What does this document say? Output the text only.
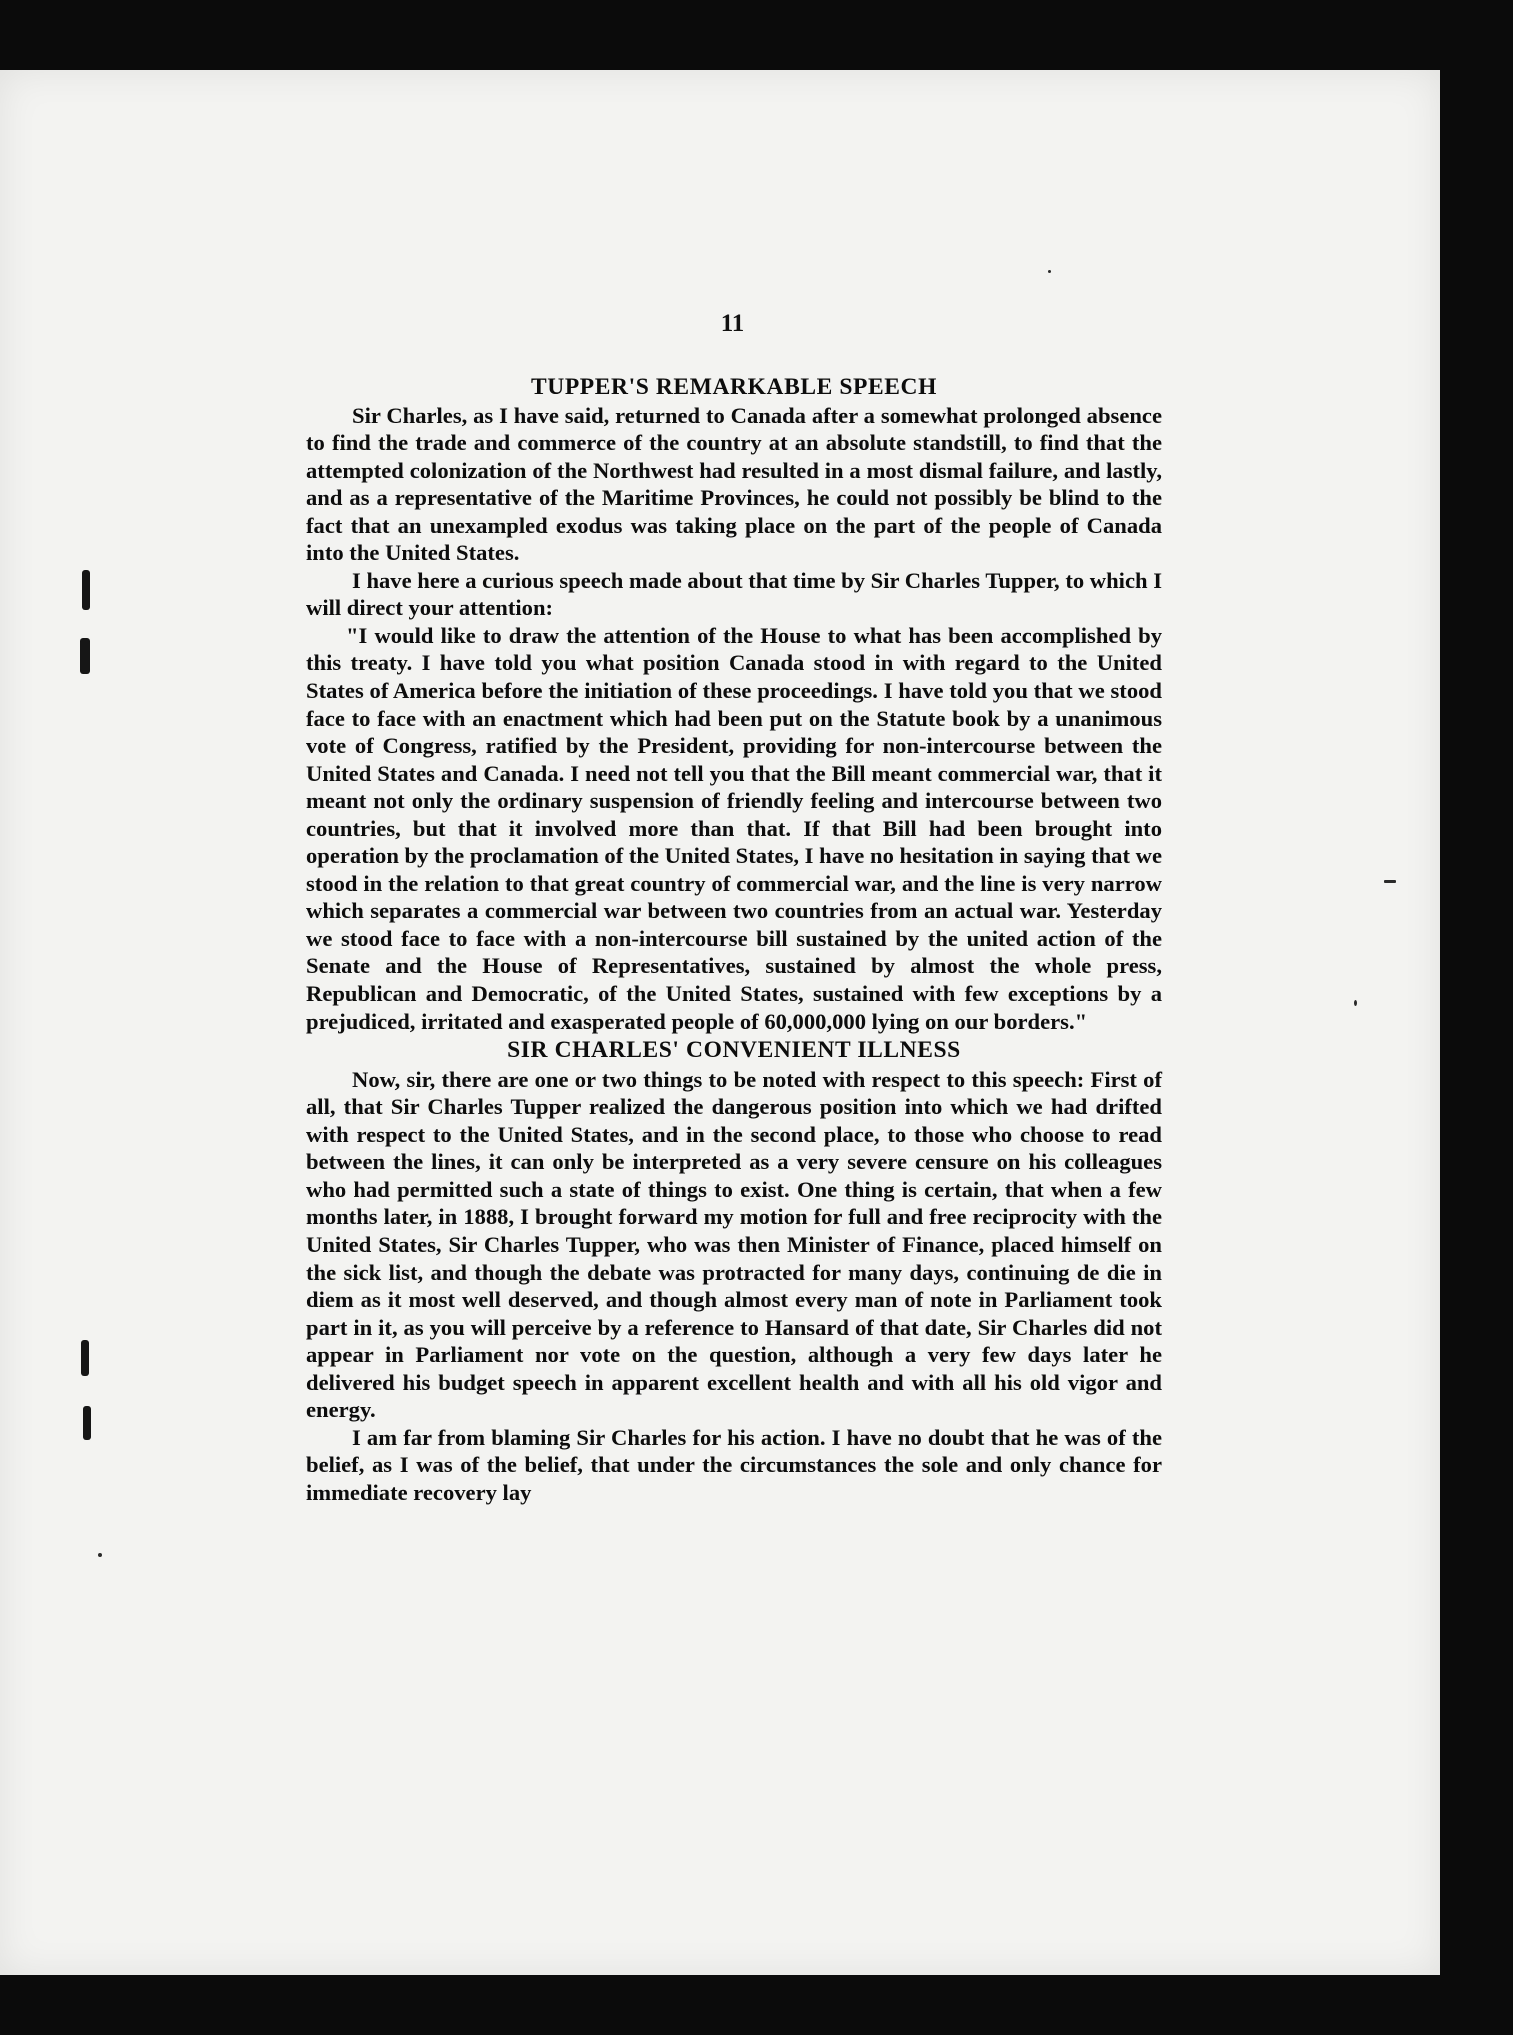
11
TUPPER'S REMARKABLE SPEECH

Sir Charles, as I have said, returned to Canada after a somewhat prolonged absence to find the trade and commerce of the country at an absolute standstill, to find that the attempted colonization of the Northwest had resulted in a most dismal failure, and lastly, and as a representative of the Maritime Provinces, he could not possibly be blind to the fact that an unexampled exodus was taking place on the part of the people of Canada into the United States.

I have here a curious speech made about that time by Sir Charles Tupper, to which I will direct your attention:

"I would like to draw the attention of the House to what has been accomplished by this treaty. I have told you what position Canada stood in with regard to the United States of America before the initiation of these proceedings. I have told you that we stood face to face with an enactment which had been put on the Statute book by a unanimous vote of Congress, ratified by the President, providing for non-intercourse between the United States and Canada. I need not tell you that the Bill meant commercial war, that it meant not only the ordinary suspension of friendly feeling and intercourse between two countries, but that it involved more than that. If that Bill had been brought into operation by the proclamation of the United States, I have no hesitation in saying that we stood in the relation to that great country of commercial war, and the line is very narrow which separates a commercial war between two countries from an actual war. Yesterday we stood face to face with a non-intercourse bill sustained by the united action of the Senate and the House of Representatives, sustained by almost the whole press, Republican and Democratic, of the United States, sustained with few exceptions by a prejudiced, irritated and exasperated people of 60,000,000 lying on our borders."

SIR CHARLES' CONVENIENT ILLNESS

Now, sir, there are one or two things to be noted with respect to this speech: First of all, that Sir Charles Tupper realized the dangerous position into which we had drifted with respect to the United States, and in the second place, to those who choose to read between the lines, it can only be interpreted as a very severe censure on his colleagues who had permitted such a state of things to exist. One thing is certain, that when a few months later, in 1888, I brought forward my motion for full and free reciprocity with the United States, Sir Charles Tupper, who was then Minister of Finance, placed himself on the sick list, and though the debate was protracted for many days, continuing de die in diem as it most well deserved, and though almost every man of note in Parliament took part in it, as you will perceive by a reference to Hansard of that date, Sir Charles did not appear in Parliament nor vote on the question, although a very few days later he delivered his budget speech in apparent excellent health and with all his old vigor and energy.

I am far from blaming Sir Charles for his action. I have no doubt that he was of the belief, as I was of the belief, that under the circumstances the sole and only chance for immediate recovery lay
